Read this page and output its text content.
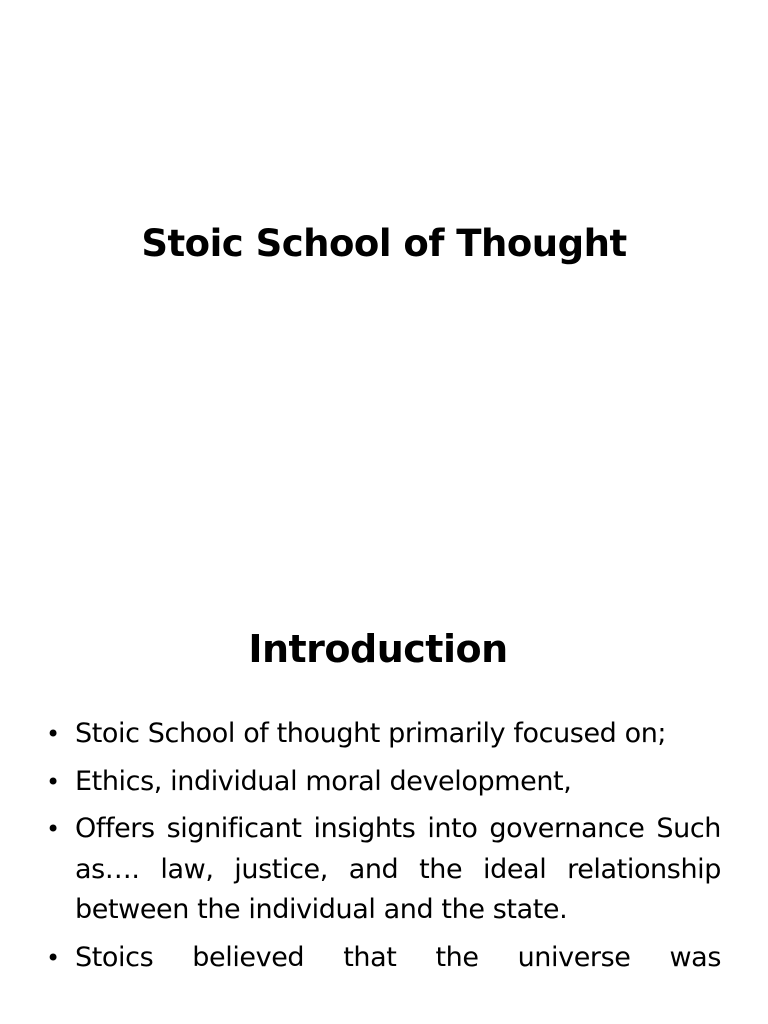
Stoic School of Thought
Introduction
• Stoic School of thought primarily focused on;
• Ethics, individual moral development,
• Offers significant insights into governance Such as…. law, justice, and the ideal relationship between the individual and the state.
• Stoics believed that the universe was
